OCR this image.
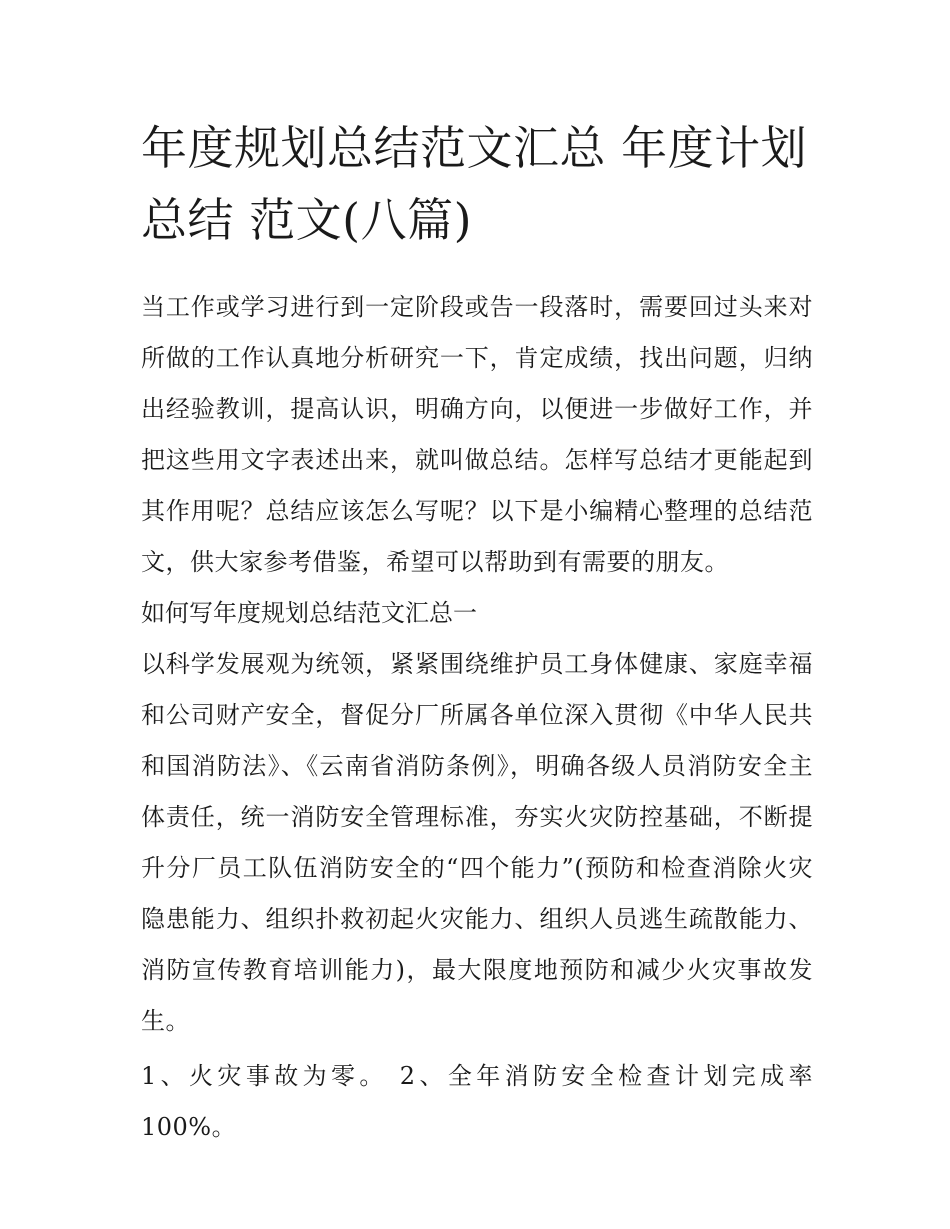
年度规划总结范文汇总 年度计划总结 范文(八篇)

当工作或学习进行到一定阶段或告一段落时，需要回过头来对所做的工作认真地分析研究一下，肯定成绩，找出问题，归纳出经验教训，提高认识，明确方向，以便进一步做好工作，并把这些用文字表述出来，就叫做总结。怎样写总结才更能起到其作用呢？总结应该怎么写呢？以下是小编精心整理的总结范文，供大家参考借鉴，希望可以帮助到有需要的朋友。

如何写年度规划总结范文汇总一

以科学发展观为统领，紧紧围绕维护员工身体健康、家庭幸福和公司财产安全，督促分厂所属各单位深入贯彻《中华人民共和国消防法》、《云南省消防条例》，明确各级人员消防安全主体责任，统一消防安全管理标准，夯实火灾防控基础，不断提升分厂员工队伍消防安全的“四个能力”(预防和检查消除火灾隐患能力、组织扑救初起火灾能力、组织人员逃生疏散能力、消防宣传教育培训能力)，最大限度地预防和减少火灾事故发生。

1、火灾事故为零。 2、全年消防安全检查计划完成率100%。
